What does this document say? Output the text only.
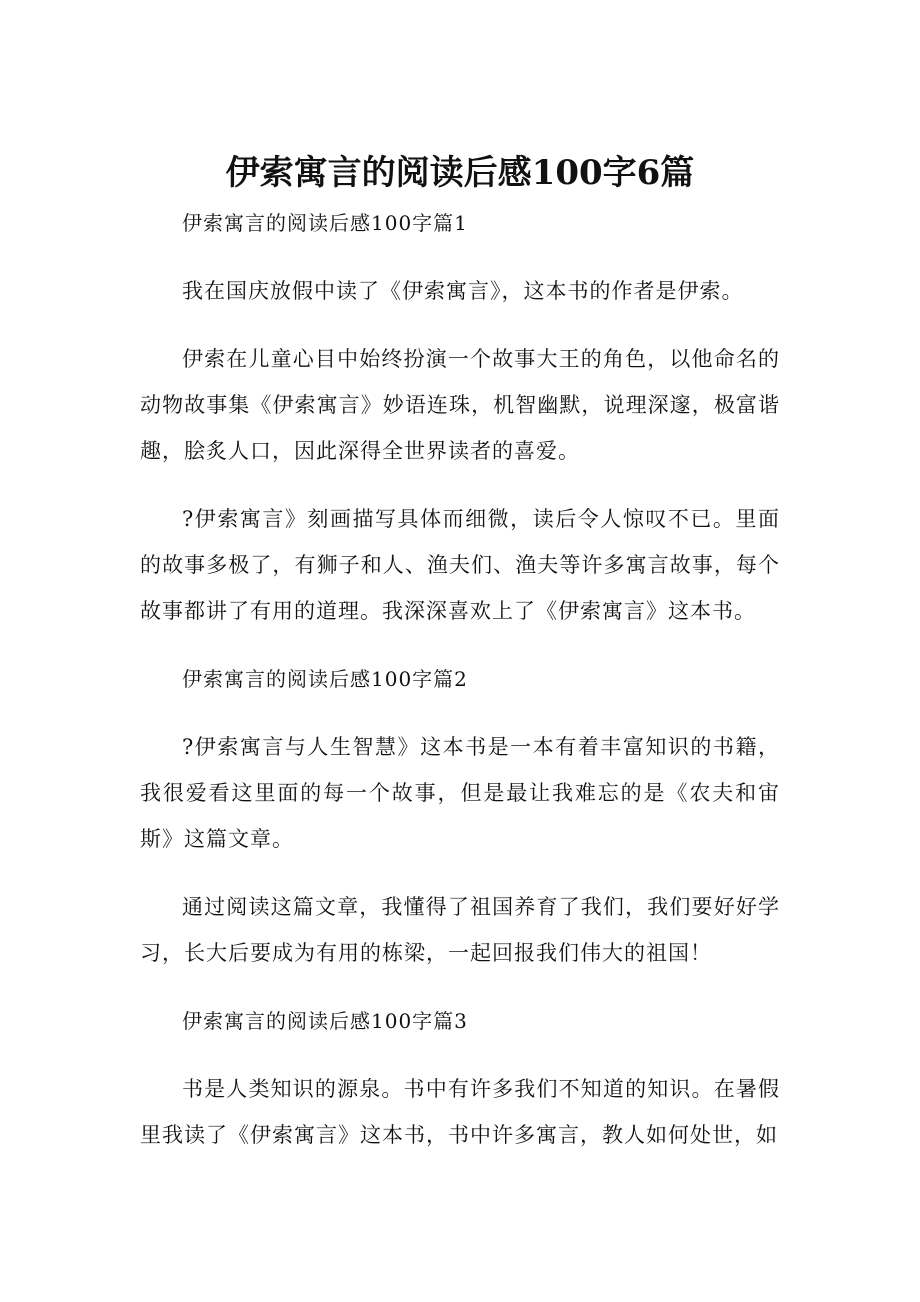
伊索寓言的阅读后感100字6篇

伊索寓言的阅读后感100字篇1

我在国庆放假中读了《伊索寓言》，这本书的作者是伊索。

伊索在儿童心目中始终扮演一个故事大王的角色，以他命名的动物故事集《伊索寓言》妙语连珠，机智幽默，说理深邃，极富谐趣，脍炙人口，因此深得全世界读者的喜爱。

?伊索寓言》刻画描写具体而细微，读后令人惊叹不已。里面的故事多极了，有狮子和人、渔夫们、渔夫等许多寓言故事，每个故事都讲了有用的道理。我深深喜欢上了《伊索寓言》这本书。

伊索寓言的阅读后感100字篇2

?伊索寓言与人生智慧》这本书是一本有着丰富知识的书籍，我很爱看这里面的每一个故事，但是最让我难忘的是《农夫和宙斯》这篇文章。

通过阅读这篇文章，我懂得了祖国养育了我们，我们要好好学习，长大后要成为有用的栋梁，一起回报我们伟大的祖国！

伊索寓言的阅读后感100字篇3

书是人类知识的源泉。书中有许多我们不知道的知识。在暑假里我读了《伊索寓言》这本书，书中许多寓言，教人如何处世，如
